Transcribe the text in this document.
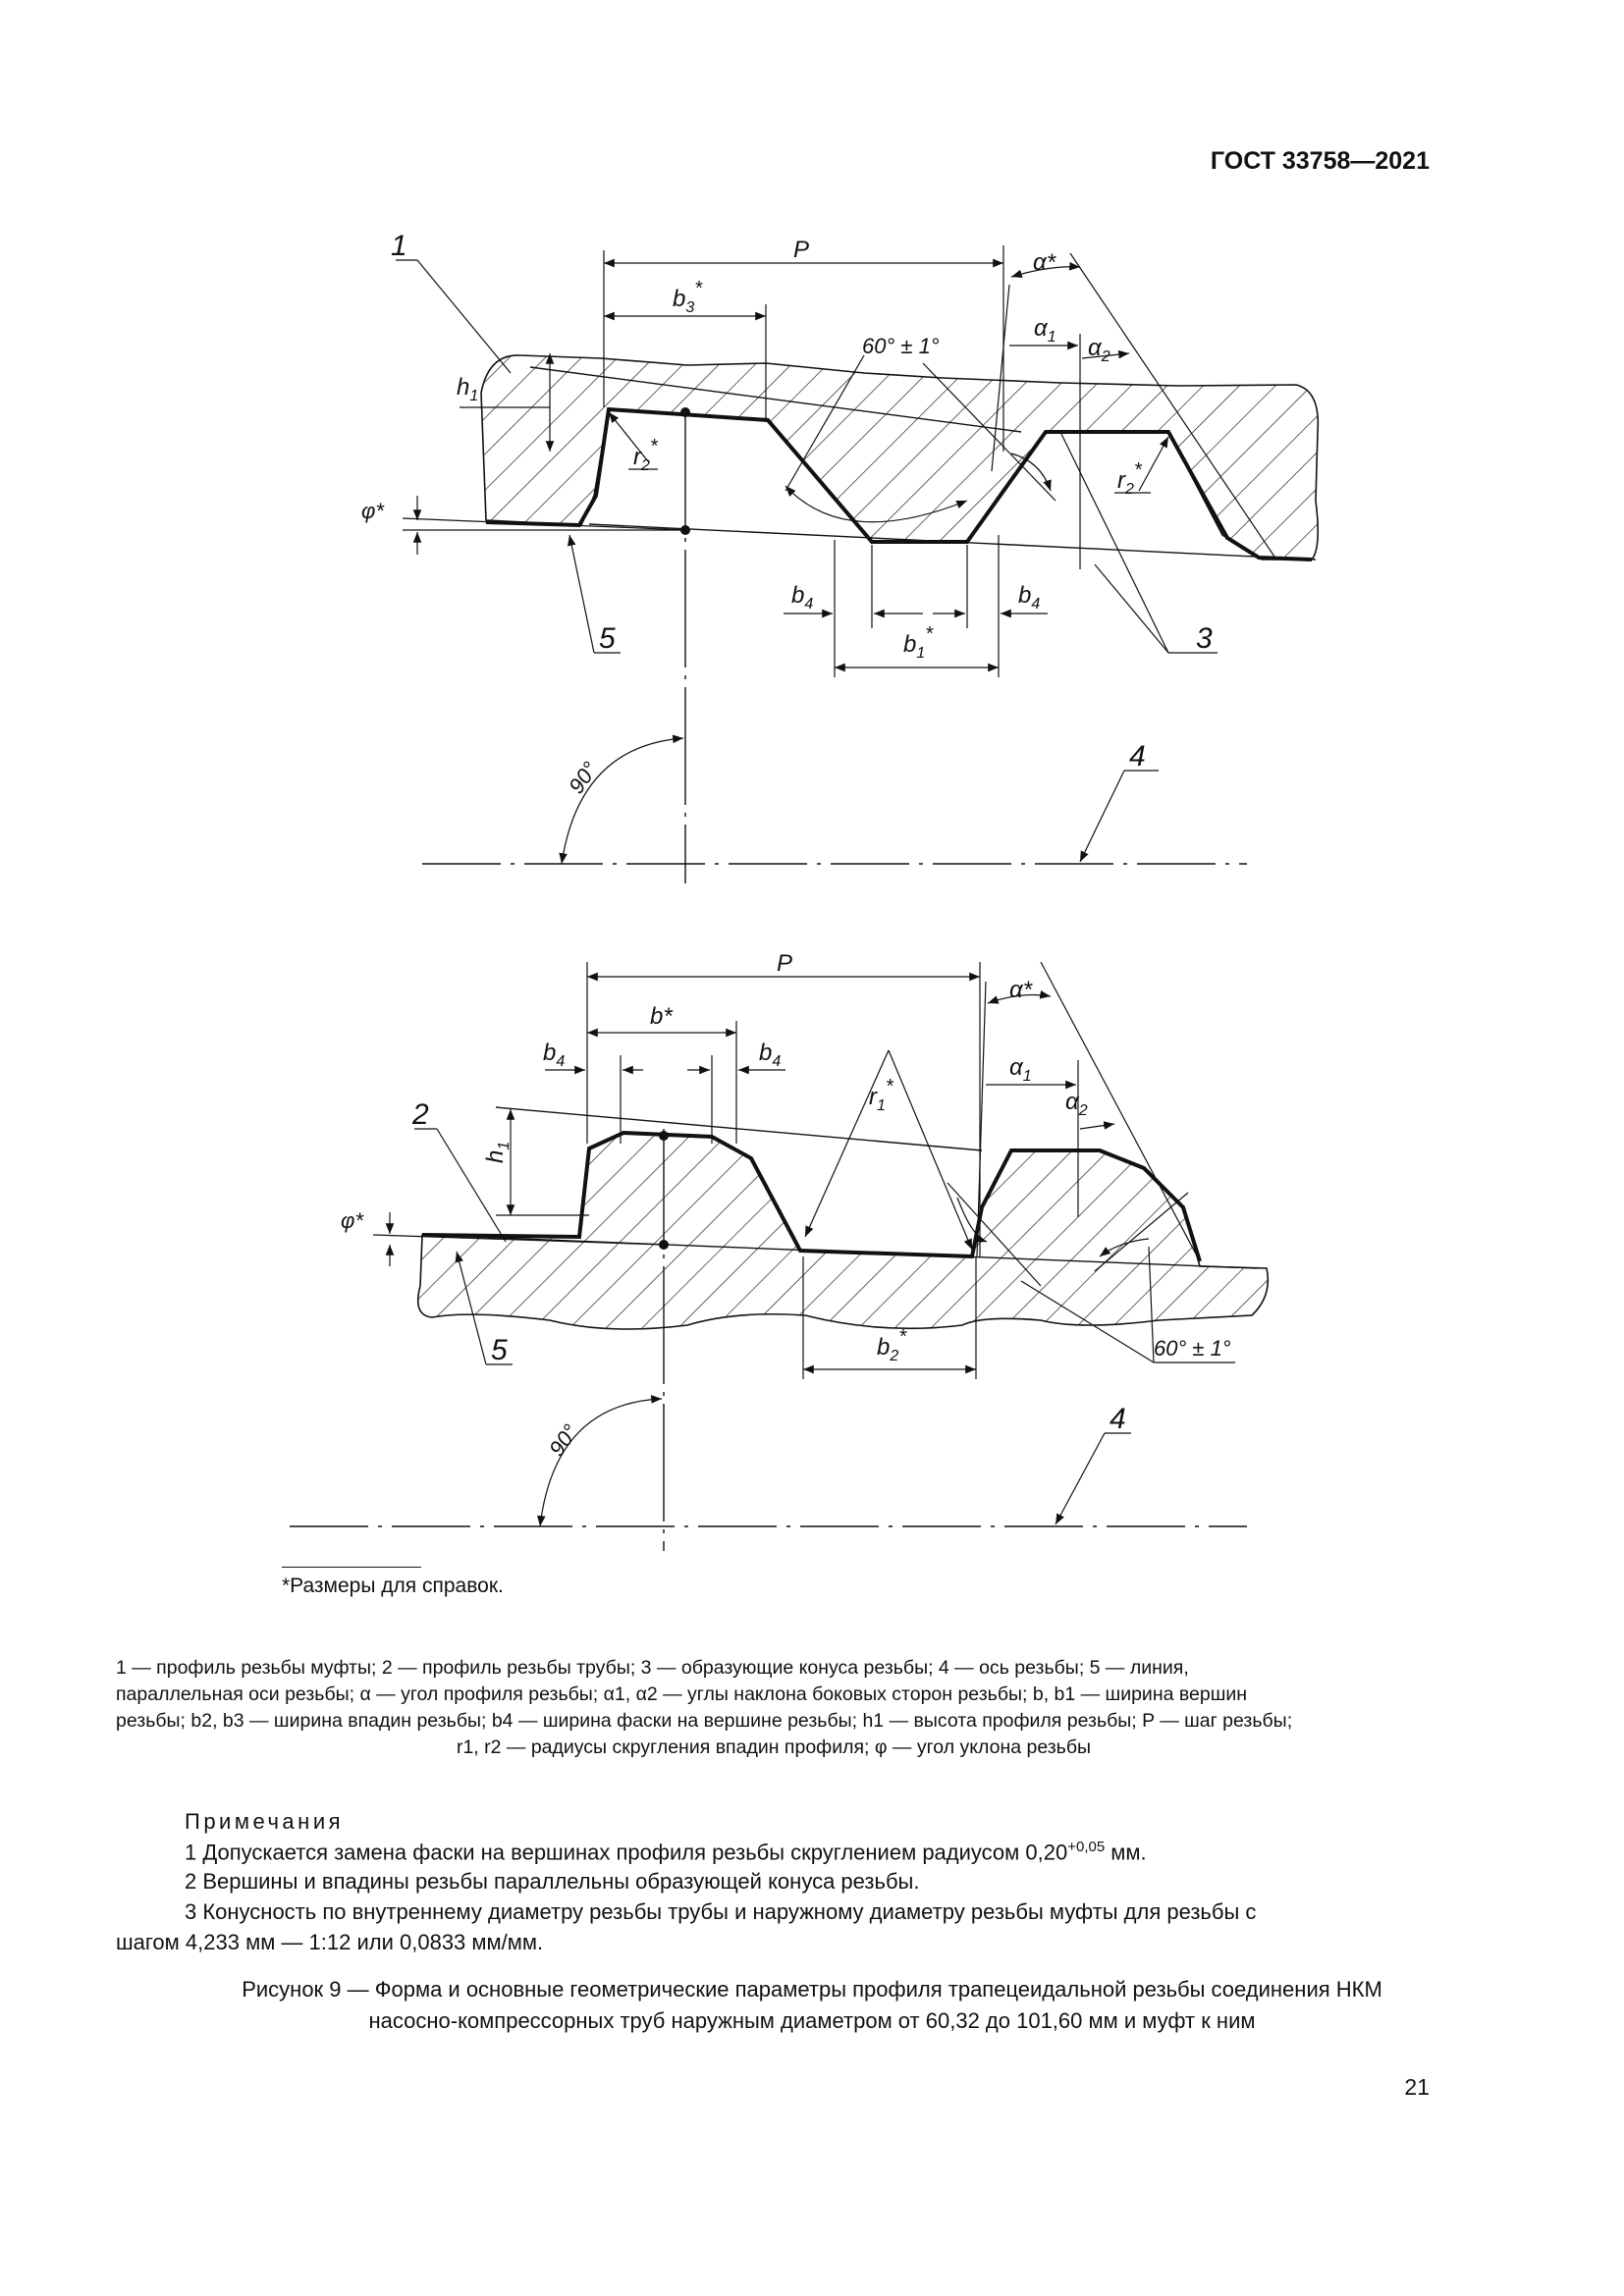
ГОСТ 33758—2021
P
$b_3^*$
α*
$\alpha_1$ $\alpha_2$
60° ± 1°
$h_1$
$r_2^*$
$r_2^*$
φ*
$b_4$	$b_4$
$b_1^*$
1
5	3
4
90°
P
b*
$b_4$	$b_4$
α*
$\alpha_1$
$\alpha_2$
$r_1^*$
$h_1$
φ*
$b_2^*$	60° ± 1°
2
5
4
90°
*Размеры для справок.

1 — профиль резьбы муфты; 2 — профиль резьбы трубы; 3 — образующие конуса резьбы; 4 — ось резьбы; 5 — линия,

параллельная оси резьбы; α — угол профиля резьбы; α1, α2 — углы наклона боковых сторон резьбы; b, b1 — ширина вершин

резьбы; b2, b3 — ширина впадин резьбы; b4 — ширина фаски на вершине резьбы; h1 — высота профиля резьбы; P — шаг резьбы;

r1, r2 — радиусы скругления впадин профиля; φ — угол уклона резьбы

Примечания
1 Допускается замена фаски на вершинах профиля резьбы скруглением радиусом $0,20^{+0,05}$ мм.
2 Вершины и впадины резьбы параллельны образующей конуса резьбы.
3 Конусность по внутреннему диаметру резьбы трубы и наружному диаметру резьбы муфты для резьбы с
шагом 4,233 мм — 1:12 или 0,0833 мм/мм.
Рисунок 9 — Форма и основные геометрические параметры профиля трапецеидальной резьбы соединения НКМ
насосно-компрессорных труб наружным диаметром от 60,32 до 101,60 мм и муфт к ним
21
